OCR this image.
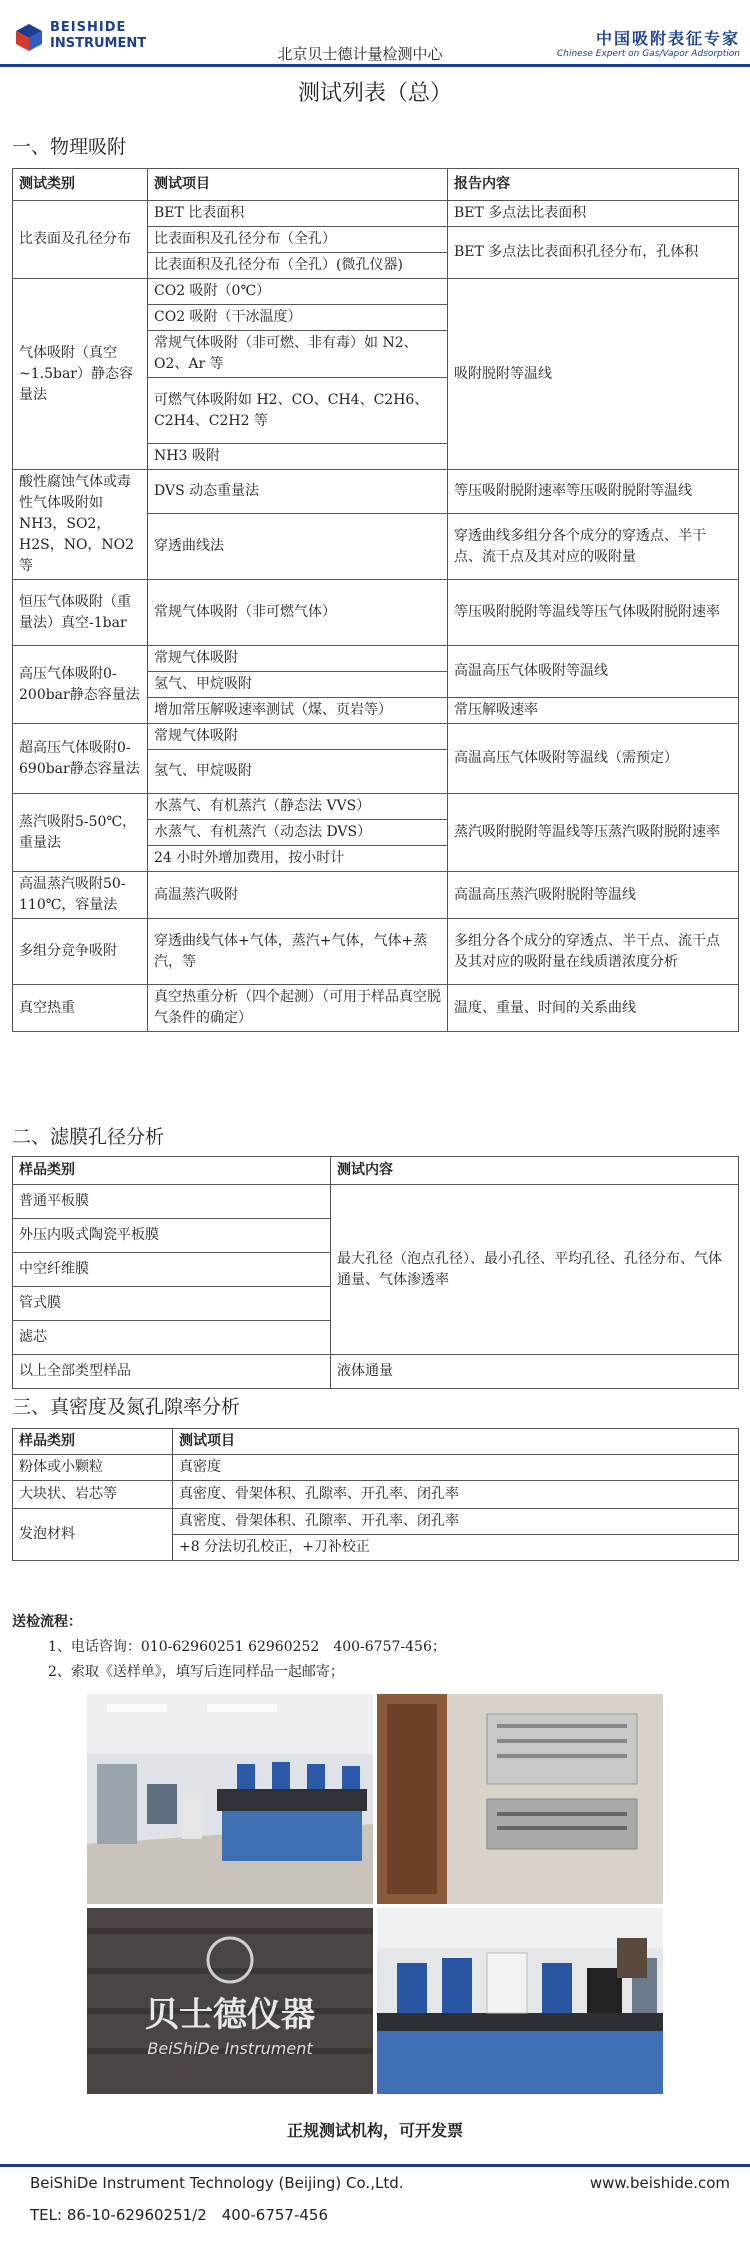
BEISHIDE
INSTRUMENT
北京贝士德计量检测中心
中国吸附表征专家
Chinese Expert on Gas/Vapor Adsorption
测试列表（总）
一、物理吸附
测试类别	测试项目	报告内容
比表面及孔径分布	BET 比表面积	BET 多点法比表面积
	比表面积及孔径分布（全孔）	BET 多点法比表面积孔径分布，孔体积
	比表面积及孔径分布（全孔）(微孔仪器)	
气体吸附（真空~1.5bar）静态容量法	CO2 吸附（0℃）	吸附脱附等温线
	CO2 吸附（干冰温度）	
	常规气体吸附（非可燃、非有毒）如 N2、O2、Ar 等	
	可燃气体吸附如 H2、CO、CH4、C2H6、C2H4、C2H2 等	
	NH3 吸附	
酸性腐蚀气体或毒性气体吸附如 NH3，SO2，H2S，NO，NO2 等	DVS 动态重量法	等压吸附脱附速率等压吸附脱附等温线
	穿透曲线法	穿透曲线多组分各个成分的穿透点、半干点、流干点及其对应的吸附量
恒压气体吸附（重量法）真空-1bar	常规气体吸附（非可燃气体）	等压吸附脱附等温线等压气体吸附脱附速率
高压气体吸附0-200bar静态容量法	常规气体吸附	高温高压气体吸附等温线
	氢气、甲烷吸附	
	增加常压解吸速率测试（煤、页岩等）	常压解吸速率
超高压气体吸附0-690bar静态容量法	常规气体吸附	高温高压气体吸附等温线（需预定）
	氢气、甲烷吸附	
蒸汽吸附5-50℃，重量法	水蒸气、有机蒸汽（静态法 VVS）	蒸汽吸附脱附等温线等压蒸汽吸附脱附速率
	水蒸气、有机蒸汽（动态法 DVS）	
	24 小时外增加费用，按小时计	
高温蒸汽吸附50-110℃，容量法	高温蒸汽吸附	高温高压蒸汽吸附脱附等温线
多组分竞争吸附	穿透曲线气体+气体，蒸汽+气体，气体+蒸汽，等	多组分各个成分的穿透点、半干点、流干点及其对应的吸附量在线质谱浓度分析
真空热重	真空热重分析（四个起测）（可用于样品真空脱气条件的确定）	温度、重量、时间的关系曲线
二、滤膜孔径分析
样品类别	测试内容
普通平板膜	最大孔径（泡点孔径）、最小孔径、平均孔径、孔径分布、气体通量、气体渗透率
外压内吸式陶瓷平板膜	
中空纤维膜	
管式膜	
滤芯	
以上全部类型样品	液体通量
三、真密度及氮孔隙率分析
样品类别	测试项目
粉体或小颗粒	真密度
大块状、岩芯等	真密度、骨架体积、孔隙率、开孔率、闭孔率
发泡材料	真密度、骨架体积、孔隙率、开孔率、闭孔率
	+8 分法切孔校正，+刀补校正
送检流程：
1、电话咨询：010-62960251 62960252　400-6757-456；
2、索取《送样单》，填写后连同样品一起邮寄；
贝士德仪器
BeiShiDe Instrument
正规测试机构，可开发票
BeiShiDe Instrument Technology (Beijing) Co.,Ltd.	www.beishide.com
TEL: 86-10-62960251/2　400-6757-456
